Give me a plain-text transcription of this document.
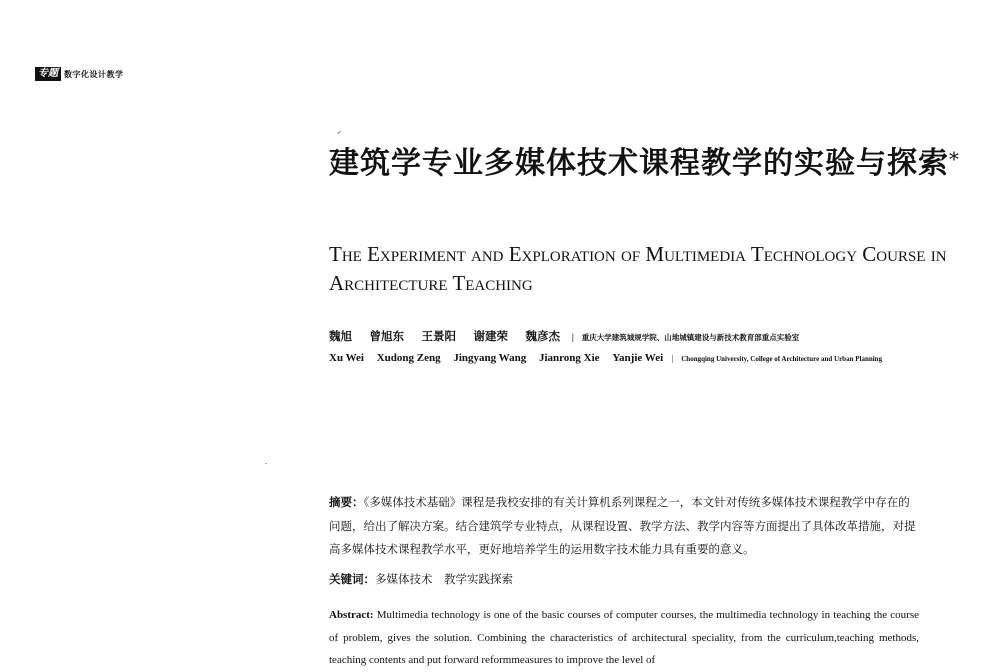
专题 数字化设计教学
建筑学专业多媒体技术课程教学的实验与探索*
The Experiment and Exploration of Multimedia Technology Course in Architecture Teaching
魏旭 曾旭东 王景阳 谢建荣 魏彦杰 | 重庆大学建筑城规学院、山地城镇建设与新技术教育部重点实验室
Xu Wei Xudong Zeng Jingyang Wang Jianrong Xie Yanjie Wei | Chongqing University, College of Architecture and Urban Planning

摘要：《多媒体技术基础》课程是我校安排的有关计算机系列课程之一，本文针对传统多媒体技术课程教学中存在的问题，给出了解决方案。结合建筑学专业特点，从课程设置、教学方法、教学内容等方面提出了具体改革措施，对提高多媒体技术课程教学水平，更好地培养学生的运用数字技术能力具有重要的意义。

关键词：多媒体技术　教学实践探索

Abstract: Multimedia technology is one of the basic courses of computer courses, the multimedia technology in teaching the course of problem, gives the solution. Combining the characteristics of architectural speciality, from the curriculum,teaching methods, teaching contents and put forward reformmeasures to improve the level of
